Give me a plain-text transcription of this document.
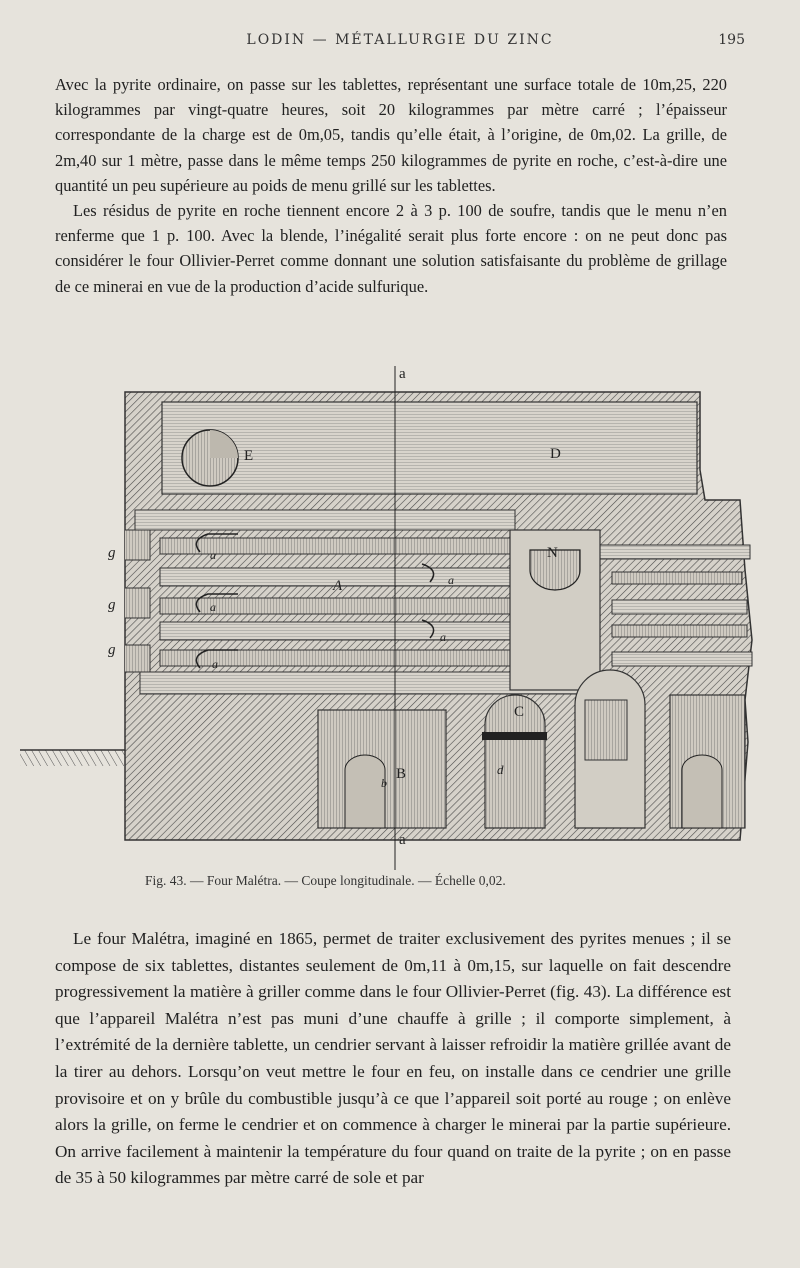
LODIN — MÉTALLURGIE DU ZINC	195

Avec la pyrite ordinaire, on passe sur les tablettes, représentant une surface totale de 10m,25, 220 kilogrammes par vingt-quatre heures, soit 20 kilogrammes par mètre carré ; l’épaisseur correspondante de la charge est de 0m,05, tandis qu’elle était, à l’origine, de 0m,02. La grille, de 2m,40 sur 1 mètre, passe dans le même temps 250 kilogrammes de pyrite en roche, c’est-à-dire une quantité un peu supérieure au poids de menu grillé sur les tablettes.

Les résidus de pyrite en roche tiennent encore 2 à 3 p. 100 de soufre, tandis que le menu n’en renferme que 1 p. 100. Avec la blende, l’inégalité serait plus forte encore : on ne peut donc pas considérer le four Ollivier-Perret comme donnant une solution satisfaisante du problème de grillage de ce minerai en vue de la production d’acide sulfurique.

a
a
E	D
N
A
C
B
b
d
g
g
g
a
a
a
a
a
Fig. 43. — Four Malétra. — Coupe longitudinale. — Échelle 0,02.

Le four Malétra, imaginé en 1865, permet de traiter exclusivement des pyrites menues ; il se compose de six tablettes, distantes seulement de 0m,11 à 0m,15, sur laquelle on fait descendre progressivement la matière à griller comme dans le four Ollivier-Perret (fig. 43). La différence est que l’appareil Malétra n’est pas muni d’une chauffe à grille ; il comporte simplement, à l’extrémité de la dernière tablette, un cendrier servant à laisser refroidir la matière grillée avant de la tirer au dehors. Lorsqu’on veut mettre le four en feu, on installe dans ce cendrier une grille provisoire et on y brûle du combustible jusqu’à ce que l’appareil soit porté au rouge ; on enlève alors la grille, on ferme le cendrier et on commence à charger le minerai par la partie supérieure. On arrive facilement à maintenir la température du four quand on traite de la pyrite ; on en passe de 35 à 50 kilogrammes par mètre carré de sole et par
